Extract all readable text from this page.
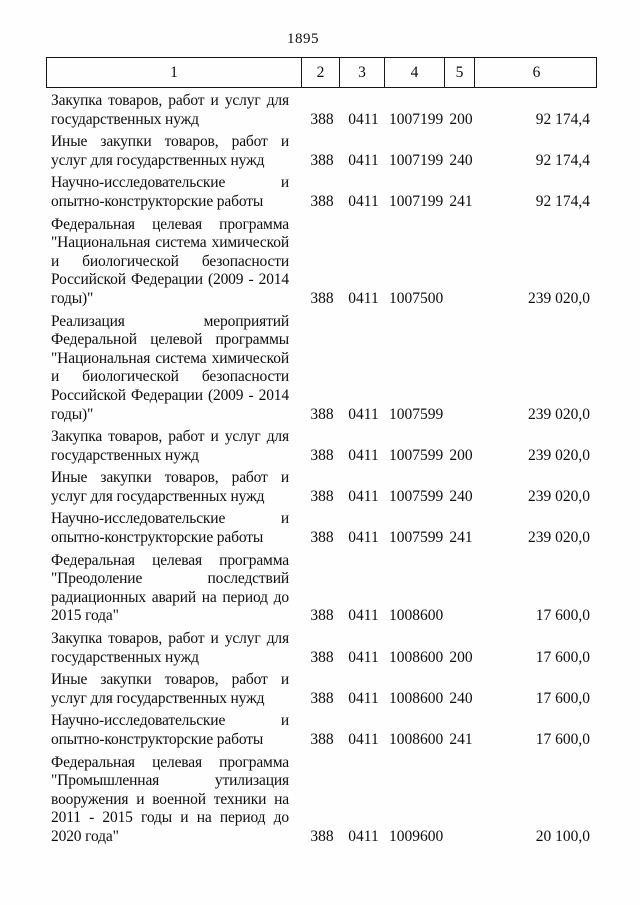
1895
1	2	3	4	5	6
Закупка товаров, работ и услуг для государственных нужд	388 0411 1007199 200	92 174,4
Иные закупки товаров, работ и услуг для государственных нужд	388 0411 1007199 240	92 174,4
Научно-исследовательские и опытно-конструкторские работы	388 0411 1007199 241	92 174,4
Федеральная целевая программа "Национальная система химической и биологической безопасности Российской Федерации (2009 - 2014 годы)"	388 0411 1007500	239 020,0
Реализация мероприятий Федеральной целевой программы "Национальная система химической и биологической безопасности Российской Федерации (2009 - 2014 годы)"	388 0411 1007599	239 020,0
Закупка товаров, работ и услуг для государственных нужд	388 0411 1007599 200	239 020,0
Иные закупки товаров, работ и услуг для государственных нужд	388 0411 1007599 240	239 020,0
Научно-исследовательские и опытно-конструкторские работы	388 0411 1007599 241	239 020,0
Федеральная целевая программа "Преодоление последствий радиационных аварий на период до 2015 года"	388 0411 1008600	17 600,0
Закупка товаров, работ и услуг для государственных нужд	388 0411 1008600 200	17 600,0
Иные закупки товаров, работ и услуг для государственных нужд	388 0411 1008600 240	17 600,0
Научно-исследовательские и опытно-конструкторские работы	388 0411 1008600 241	17 600,0
Федеральная целевая программа "Промышленная утилизация вооружения и военной техники на 2011 - 2015 годы и на период до 2020 года"	388 0411 1009600	20 100,0
